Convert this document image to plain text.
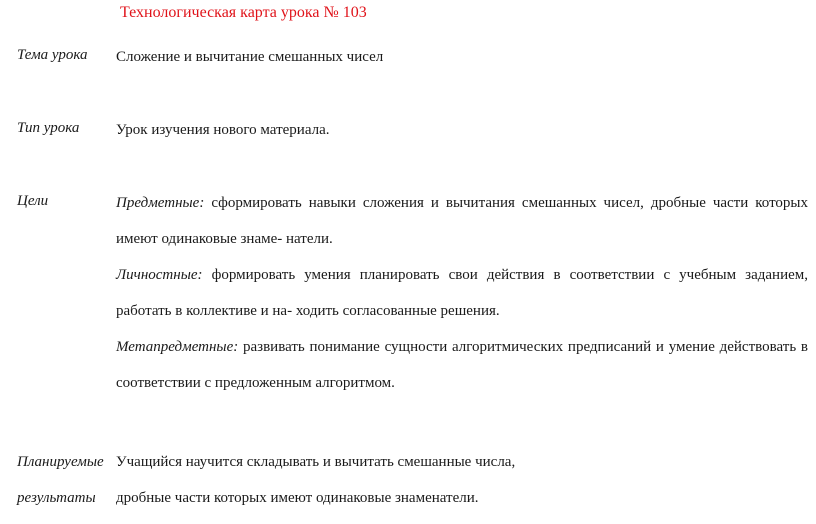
Технологическая карта урока № 103
Тема урока Сложение и вычитание смешанных чисел
Тип урока Урок изучения нового материала.
Цели	Предметные: сформировать навыки сложения и вычитания смешанных чисел, дробные части которых
имеют одинаковые знаме- натели.
Личностные: формировать умения планировать свои действия в соответствии с учебным заданием,
работать в коллективе и на- ходить согласованные решения.
Метапредметные: развивать понимание сущности алгоритмических предписаний и умение действовать в
соответствии с предложенным алгоритмом.
Планируемые
результаты
Учащийся научится складывать и вычитать смешанные числа,
дробные части которых имеют одинаковые знаменатели.
